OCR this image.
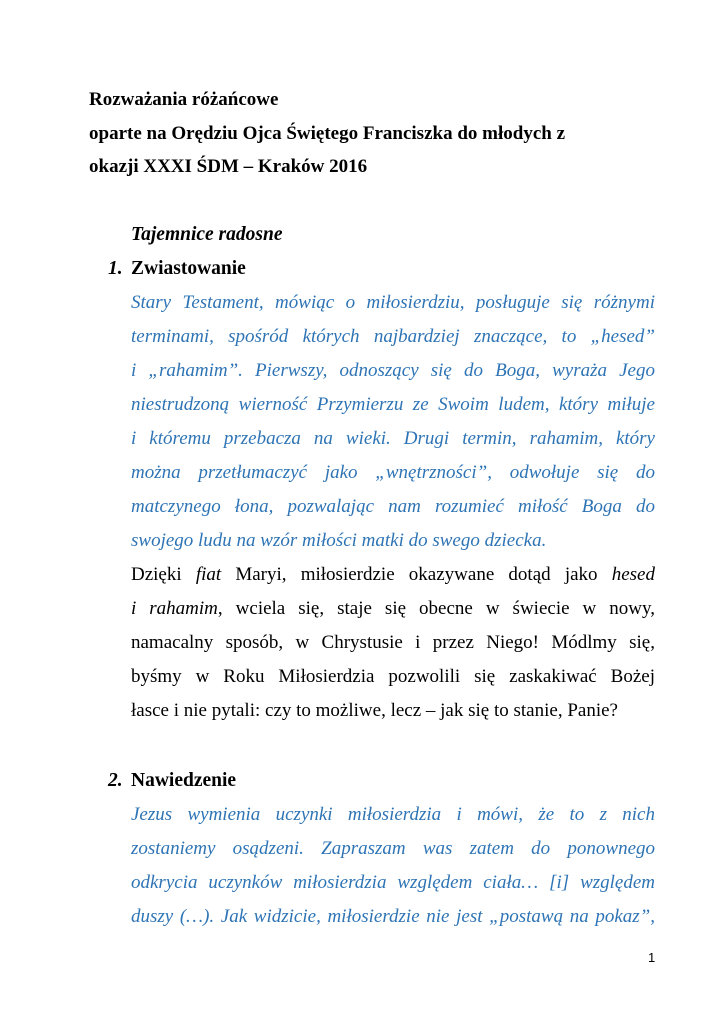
Rozważania różańcowe
oparte na Orędziu Ojca Świętego Franciszka do młodych z
okazji XXXI ŚDM – Kraków 2016
Tajemnice radosne
1. Zwiastowanie
Stary Testament, mówiąc o miłosierdziu, posługuje się różnymi
terminami, spośród których najbardziej znaczące, to „hesed”
i „rahamim”. Pierwszy, odnoszący się do Boga, wyraża Jego
niestrudzoną wierność Przymierzu ze Swoim ludem, który miłuje
i któremu przebacza na wieki. Drugi termin, rahamim, który
można przetłumaczyć jako „wnętrzności”, odwołuje się do
matczynego łona, pozwalając nam rozumieć miłość Boga do
swojego ludu na wzór miłości matki do swego dziecka.
Dzięki fiat Maryi, miłosierdzie okazywane dotąd jako hesed
i rahamim, wciela się, staje się obecne w świecie w nowy,
namacalny sposób, w Chrystusie i przez Niego! Módlmy się,
byśmy w Roku Miłosierdzia pozwolili się zaskakiwać Bożej
łasce i nie pytali: czy to możliwe, lecz – jak się to stanie, Panie?
2. Nawiedzenie
Jezus wymienia uczynki miłosierdzia i mówi, że to z nich
zostaniemy osądzeni. Zapraszam was zatem do ponownego
odkrycia uczynków miłosierdzia względem ciała… [i] względem
duszy (…). Jak widzicie, miłosierdzie nie jest „postawą na pokaz”,
1
